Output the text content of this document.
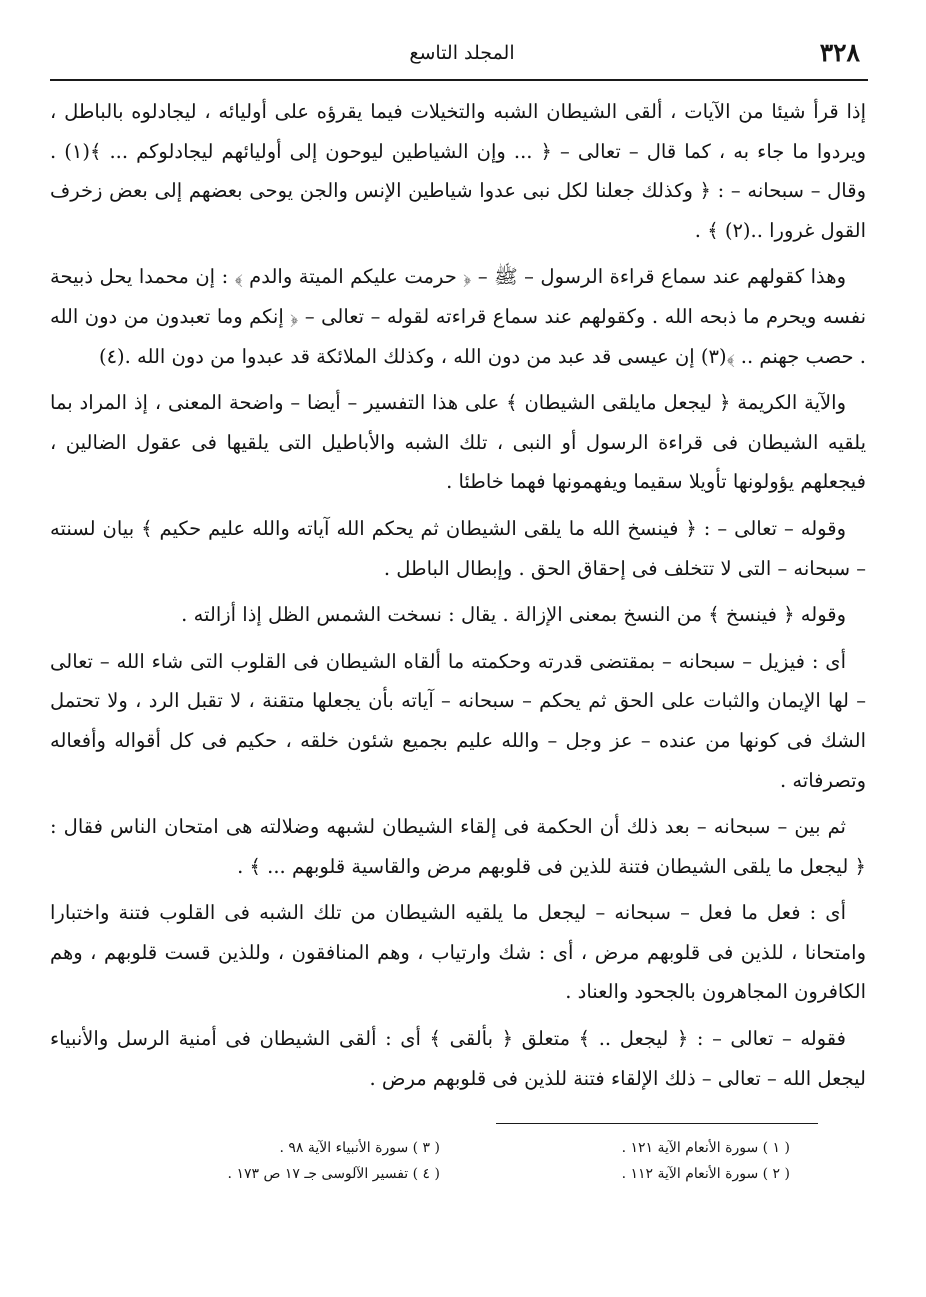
٣٢٨
المجلد التاسع

إذا قرأ شيئا من الآيات ، ألقى الشيطان الشبه والتخيلات فيما يقرؤه على أوليائه ، ليجادلوه بالباطل ، ويردوا ما جاء به ، كما قال – تعالى – ﴿ ... وإن الشياطين ليوحون إلى أوليائهم ليجادلوكم ... ﴾(١) . وقال – سبحانه – : ﴿ وكذلك جعلنا لكل نبى عدوا شياطين الإنس والجن يوحى بعضهم إلى بعض زخرف القول غرورا ..(٢) ﴾ .

وهذا كقولهم عند سماع قراءة الرسول – ﷺ – ﴿ حرمت عليكم الميتة والدم ﴾ : إن محمدا يحل ذبيحة نفسه ويحرم ما ذبحه الله . وكقولهم عند سماع قراءته لقوله – تعالى – ﴿ إنكم وما تعبدون من دون الله . حصب جهنم .. ﴾(٣) إن عيسى قد عبد من دون الله ، وكذلك الملائكة قد عبدوا من دون الله .(٤)

والآية الكريمة ﴿ ليجعل مايلقى الشيطان ﴾ على هذا التفسير – أيضا – واضحة المعنى ، إذ المراد بما يلقيه الشيطان فى قراءة الرسول أو النبى ، تلك الشبه والأباطيل التى يلقيها فى عقول الضالين ، فيجعلهم يؤولونها تأويلا سقيما ويفهمونها فهما خاطئا .

وقوله – تعالى – : ﴿ فينسخ الله ما يلقى الشيطان ثم يحكم الله آياته والله عليم حكيم ﴾ بيان لسنته – سبحانه – التى لا تتخلف فى إحقاق الحق . وإبطال الباطل .

وقوله ﴿ فينسخ ﴾ من النسخ بمعنى الإزالة . يقال : نسخت الشمس الظل إذا أزالته .

أى : فيزيل – سبحانه – بمقتضى قدرته وحكمته ما ألقاه الشيطان فى القلوب التى شاء الله – تعالى – لها الإيمان والثبات على الحق ثم يحكم – سبحانه – آياته بأن يجعلها متقنة ، لا تقبل الرد ، ولا تحتمل الشك فى كونها من عنده – عز وجل – والله عليم بجميع شئون خلقه ، حكيم فى كل أقواله وأفعاله وتصرفاته .

ثم بين – سبحانه – بعد ذلك أن الحكمة فى إلقاء الشيطان لشبهه وضلالته هى امتحان الناس فقال : ﴿ ليجعل ما يلقى الشيطان فتنة للذين فى قلوبهم مرض والقاسية قلوبهم ... ﴾ .

أى : فعل ما فعل – سبحانه – ليجعل ما يلقيه الشيطان من تلك الشبه فى القلوب فتنة واختبارا وامتحانا ، للذين فى قلوبهم مرض ، أى : شك وارتياب ، وهم المنافقون ، وللذين قست قلوبهم ، وهم الكافرون المجاهرون بالجحود والعناد .

فقوله – تعالى – : ﴿ ليجعل .. ﴾ متعلق ﴿ بألقى ﴾ أى : ألقى الشيطان فى أمنية الرسل والأنبياء ليجعل الله – تعالى – ذلك الإلقاء فتنة للذين فى قلوبهم مرض .

( ١ ) سورة الأنعام الآية ١٢١ .
( ٢ ) سورة الأنعام الآية ١١٢ .
( ٣ ) سورة الأنبياء الآية ٩٨ .
( ٤ ) تفسير الآلوسى جـ ١٧ ص ١٧٣ .
